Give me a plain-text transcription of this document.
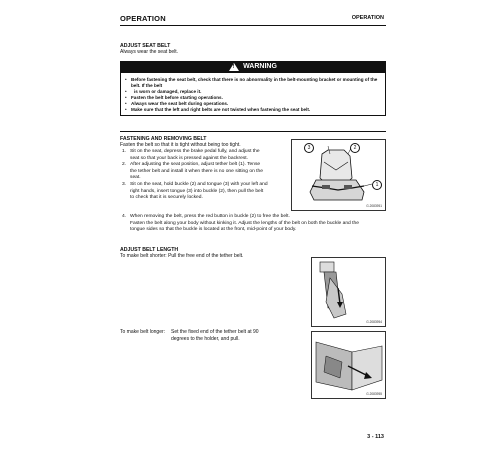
OPERATION	OPERATION
ADJUST SEAT BELT
Always wear the seat belt.
! WARNING
• Before fastening the seat belt, check that there is no abnormality in the belt-mounting bracket or mounting of the belt. If the belt
• is worn or damaged, replace it.
• Fasten the belt before starting operations.
• Always wear the seat belt during operations.
• Make sure that the left and right belts are not twisted when fastening the seat belt.
FASTENING AND REMOVING BELT
Fasten the belt so that it is tight without being too tight.
1. Sit on the seat, depress the brake pedal fully, and adjust the
seat so that your back is pressed against the backrest.
2. After adjusting the seat position, adjust tether belt (1). Tense
the tether belt and install it when there is no one sitting on the
seat.
3. Sit on the seat, hold buckle (2) and tongue (3) with your left and
right hands, insert tongue (3) into buckle (2), then pull the belt
to check that it is securely locked.
3	2
1
G.2083951
4. When removing the belt, press the red button in buckle (2) to free the belt.
Fasten the belt along your body without kinking it. Adjust the lengths of the belt on both the buckle and the
tongue sides so that the buckle is located at the front, mid-point of your body.
ADJUST BELT LENGTH
To make belt shorter: Pull the free end of the tether belt.
G.2083954
To make belt longer: Set the fixed end of the tether belt at 90
degrees to the holder, and pull.
G.2083955
3 - 113
